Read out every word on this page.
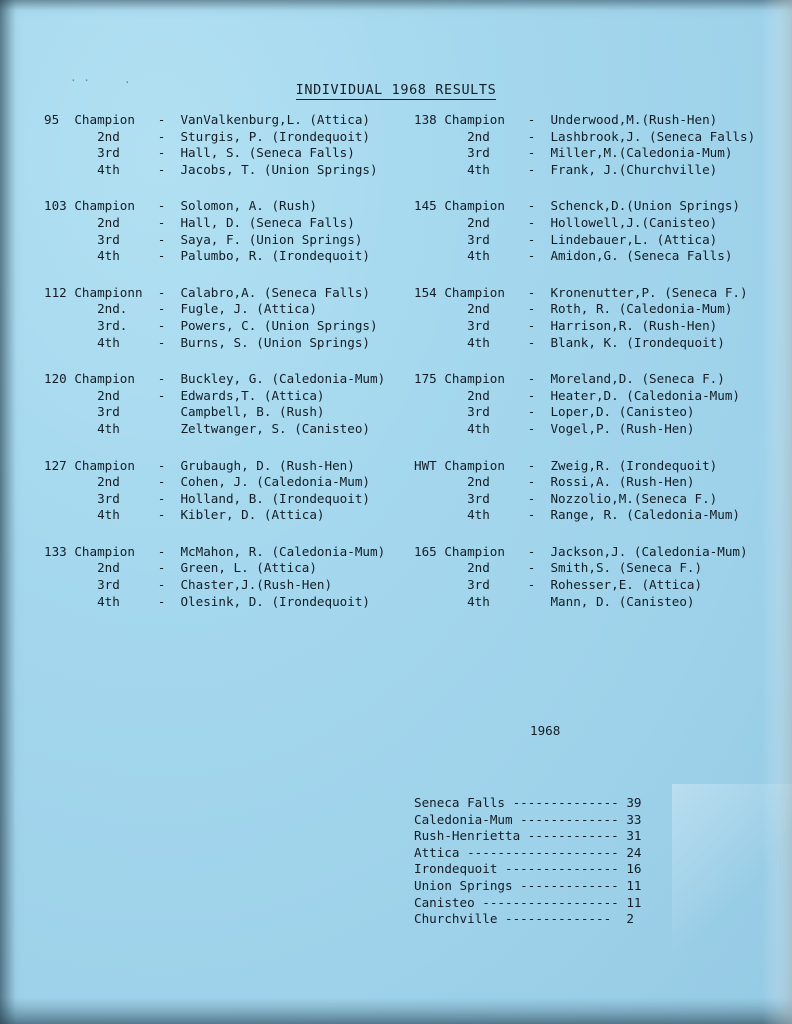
· ·	·	INDIVIDUAL 1968 RESULTS
95 Champion  - VanValkenburg,L. (Attica)
2nd    - Sturgis, P. (Irondequoit)
3rd    - Hall, S. (Seneca Falls)
4th    - Jacobs, T. (Union Springs)
103 Champion  - Solomon, A. (Rush)
2nd    - Hall, D. (Seneca Falls)
3rd    - Saya, F. (Union Springs)
4th    - Palumbo, R. (Irondequoit)
112 Championn - Calabro,A. (Seneca Falls)
2nd.   - Fugle, J. (Attica)
3rd.   - Powers, C. (Union Springs)
4th    - Burns, S. (Union Springs)
120 Champion  - Buckley, G. (Caledonia-Mum)
2nd    - Edwards,T. (Attica)
3rd      Campbell, B. (Rush)
4th      Zeltwanger, S. (Canisteo)
127 Champion  - Grubaugh, D. (Rush-Hen)
2nd    - Cohen, J. (Caledonia-Mum)
3rd    - Holland, B. (Irondequoit)
4th    - Kibler, D. (Attica)
133 Champion  - McMahon, R. (Caledonia-Mum)
2nd    - Green, L. (Attica)
3rd    - Chaster,J.(Rush-Hen)
4th    - Olesink, D. (Irondequoit)
138 Champion  - Underwood,M.(Rush-Hen)
2nd    - Lashbrook,J. (Seneca Falls)
3rd    - Miller,M.(Caledonia-Mum)
4th    - Frank, J.(Churchville)
145 Champion  - Schenck,D.(Union Springs)
2nd    - Hollowell,J.(Canisteo)
3rd    - Lindebauer,L. (Attica)
4th    - Amidon,G. (Seneca Falls)
154 Champion  - Kronenutter,P. (Seneca F.)
2nd    - Roth, R. (Caledonia-Mum)
3rd    - Harrison,R. (Rush-Hen)
4th    - Blank, K. (Irondequoit)
175 Champion  - Moreland,D. (Seneca F.)
2nd    - Heater,D. (Caledonia-Mum)
3rd    - Loper,D. (Canisteo)
4th    - Vogel,P. (Rush-Hen)
HWT Champion  - Zweig,R. (Irondequoit)
2nd    - Rossi,A. (Rush-Hen)
3rd    - Nozzolio,M.(Seneca F.)
4th    - Range, R. (Caledonia-Mum)
165 Champion  - Jackson,J. (Caledonia-Mum)
2nd    - Smith,S. (Seneca F.)
3rd    - Rohesser,E. (Attica)
4th      Mann, D. (Canisteo)

1968

Seneca Falls -------------- 39
Caledonia-Mum ------------- 33
Rush-Henrietta ------------ 31
Attica -------------------- 24
Irondequoit --------------- 16
Union Springs ------------- 11
Canisteo ------------------ 11
Churchville --------------  2
